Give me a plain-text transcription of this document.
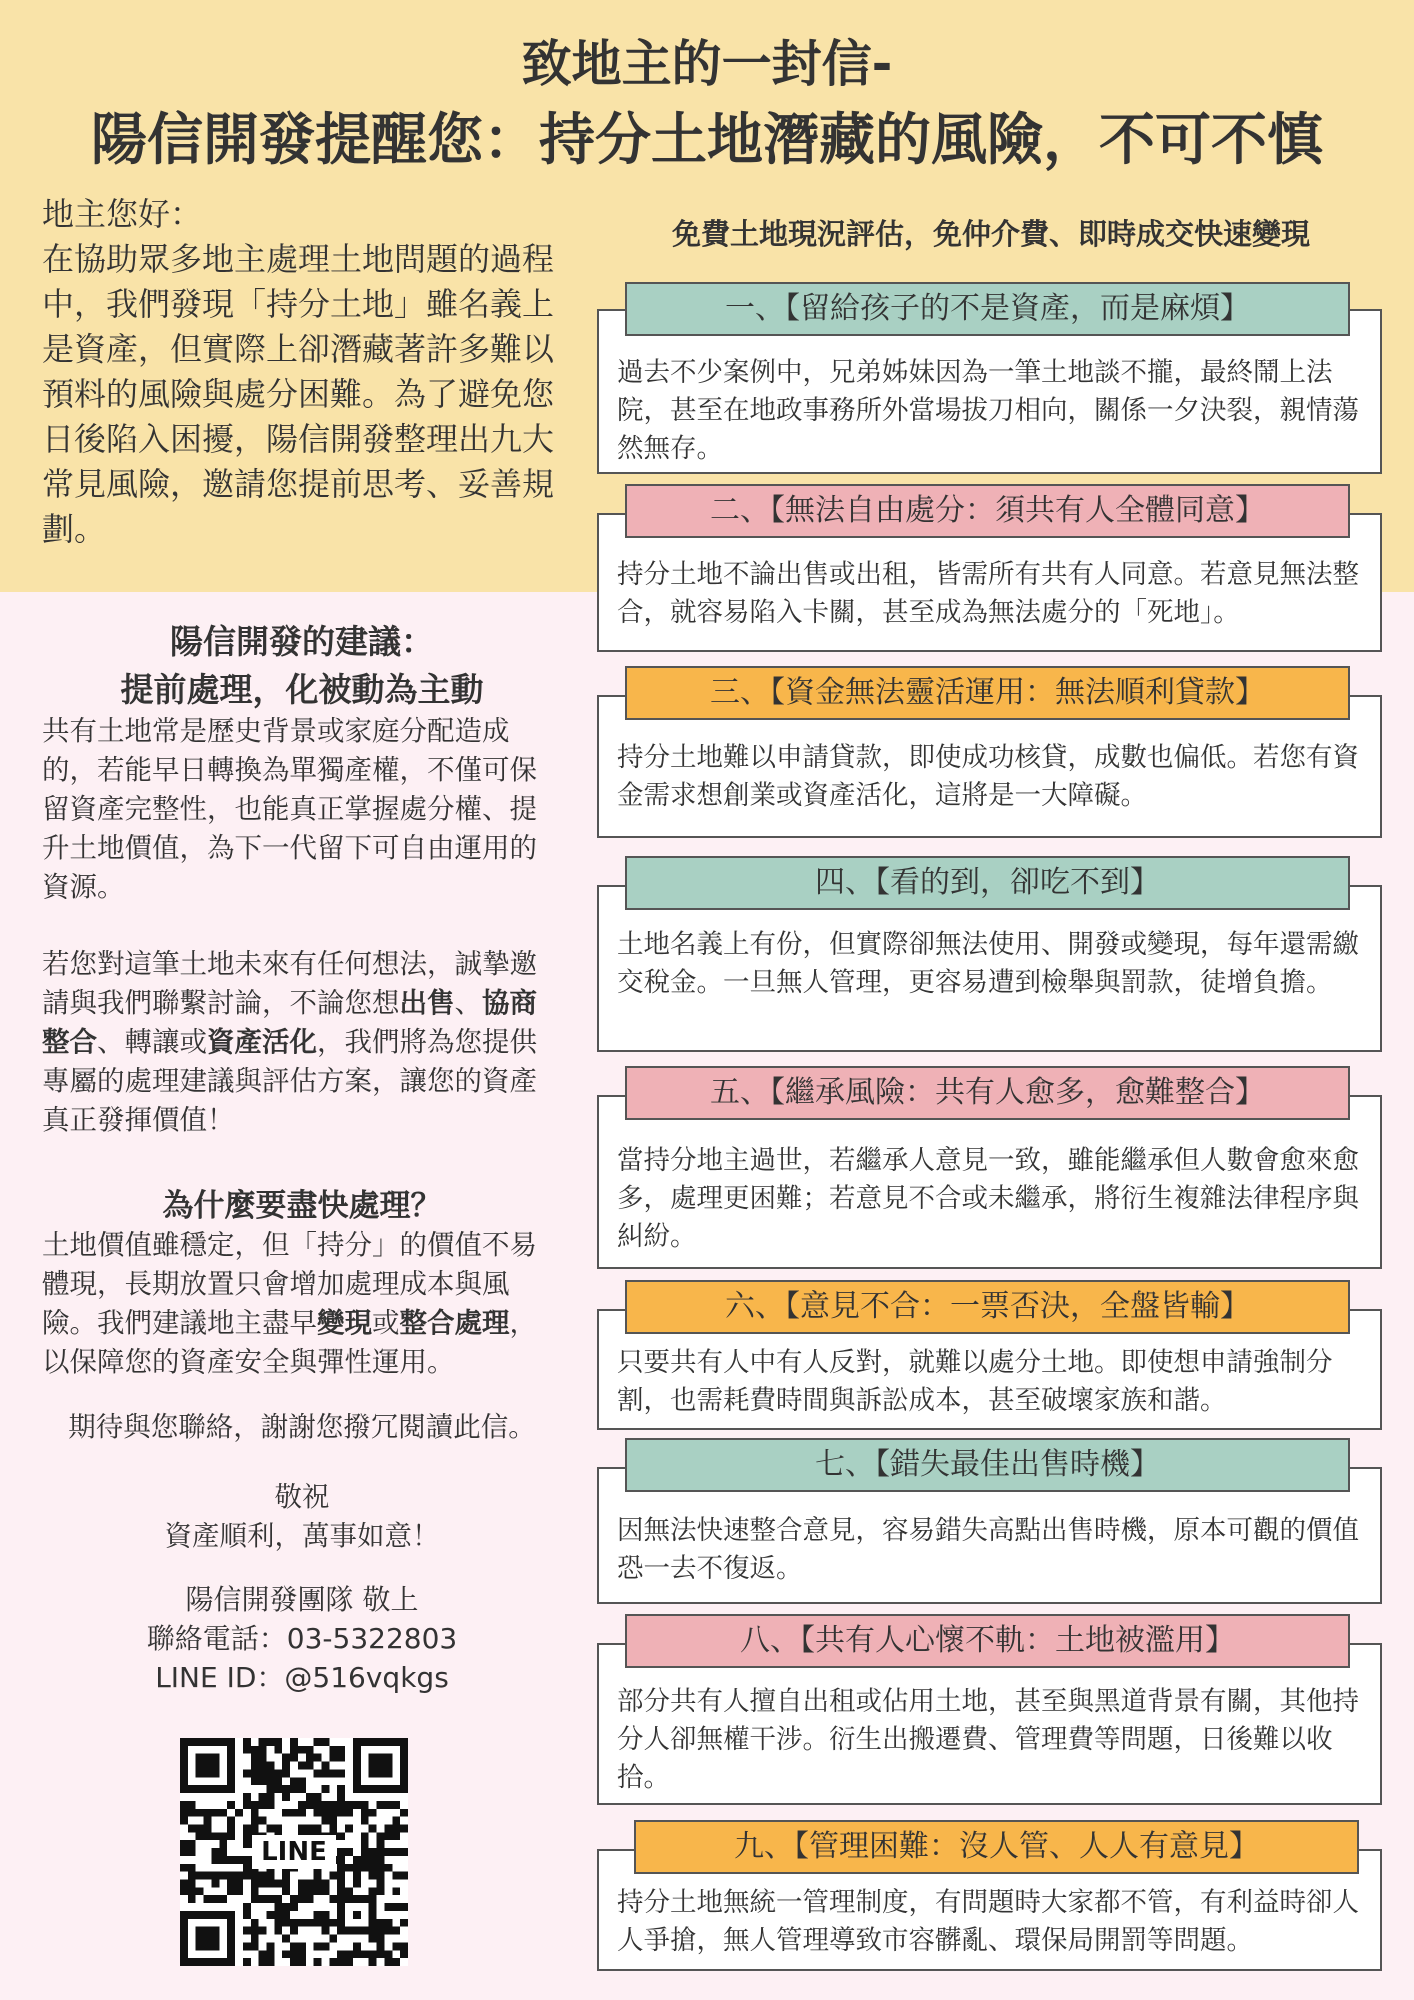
致地主的一封信-
陽信開發提醒您：持分土地潛藏的風險，不可不慎
地主您好：

在協助眾多地主處理土地問題的過程中，我們發現「持分土地」雖名義上是資產，但實際上卻潛藏著許多難以預料的風險與處分困難。為了避免您日後陷入困擾，陽信開發整理出九大常見風險，邀請您提前思考、妥善規劃。

陽信開發的建議：
提前處理，化被動為主動
共有土地常是歷史背景或家庭分配造成的，若能早日轉換為單獨產權，不僅可保留資產完整性，也能真正掌握處分權、提升土地價值，為下一代留下可自由運用的資源。
若您對這筆土地未來有任何想法，誠摯邀請與我們聯繫討論，不論您想出售、協商整合、轉讓或資產活化，我們將為您提供專屬的處理建議與評估方案，讓您的資產真正發揮價值！
為什麼要盡快處理？
土地價值雖穩定，但「持分」的價值不易體現，長期放置只會增加處理成本與風險。我們建議地主盡早變現或整合處理，以保障您的資產安全與彈性運用。
期待與您聯絡，謝謝您撥冗閱讀此信。
敬祝
資產順利，萬事如意！
陽信開發團隊 敬上
聯絡電話：03-5322803
LINE ID：@516vqkgs
LINE
免費土地現況評估，免仲介費、即時成交快速變現
過去不少案例中，兄弟姊妹因為一筆土地談不攏，最終鬧上法院，甚至在地政事務所外當場拔刀相向，關係一夕決裂，親情蕩然無存。
一、【留給孩子的不是資產，而是麻煩】
持分土地不論出售或出租，皆需所有共有人同意。若意見無法整合，就容易陷入卡關，甚至成為無法處分的「死地」。
二、【無法自由處分：須共有人全體同意】
持分土地難以申請貸款，即使成功核貸，成數也偏低。若您有資金需求想創業或資產活化，這將是一大障礙。
三、【資金無法靈活運用：無法順利貸款】
土地名義上有份，但實際卻無法使用、開發或變現，每年還需繳交稅金。一旦無人管理，更容易遭到檢舉與罰款，徒增負擔。
四、【看的到，卻吃不到】
當持分地主過世，若繼承人意見一致，雖能繼承但人數會愈來愈多，處理更困難；若意見不合或未繼承，將衍生複雜法律程序與糾紛。
五、【繼承風險：共有人愈多，愈難整合】
只要共有人中有人反對，就難以處分土地。即使想申請強制分割，也需耗費時間與訴訟成本，甚至破壞家族和諧。
六、【意見不合：一票否決，全盤皆輸】
因無法快速整合意見，容易錯失高點出售時機，原本可觀的價值恐一去不復返。
七、【錯失最佳出售時機】
部分共有人擅自出租或佔用土地，甚至與黑道背景有關，其他持分人卻無權干涉。衍生出搬遷費、管理費等問題，日後難以收拾。
八、【共有人心懷不軌：土地被濫用】
持分土地無統一管理制度，有問題時大家都不管，有利益時卻人人爭搶，無人管理導致市容髒亂、環保局開罰等問題。
九、【管理困難：沒人管、人人有意見】
